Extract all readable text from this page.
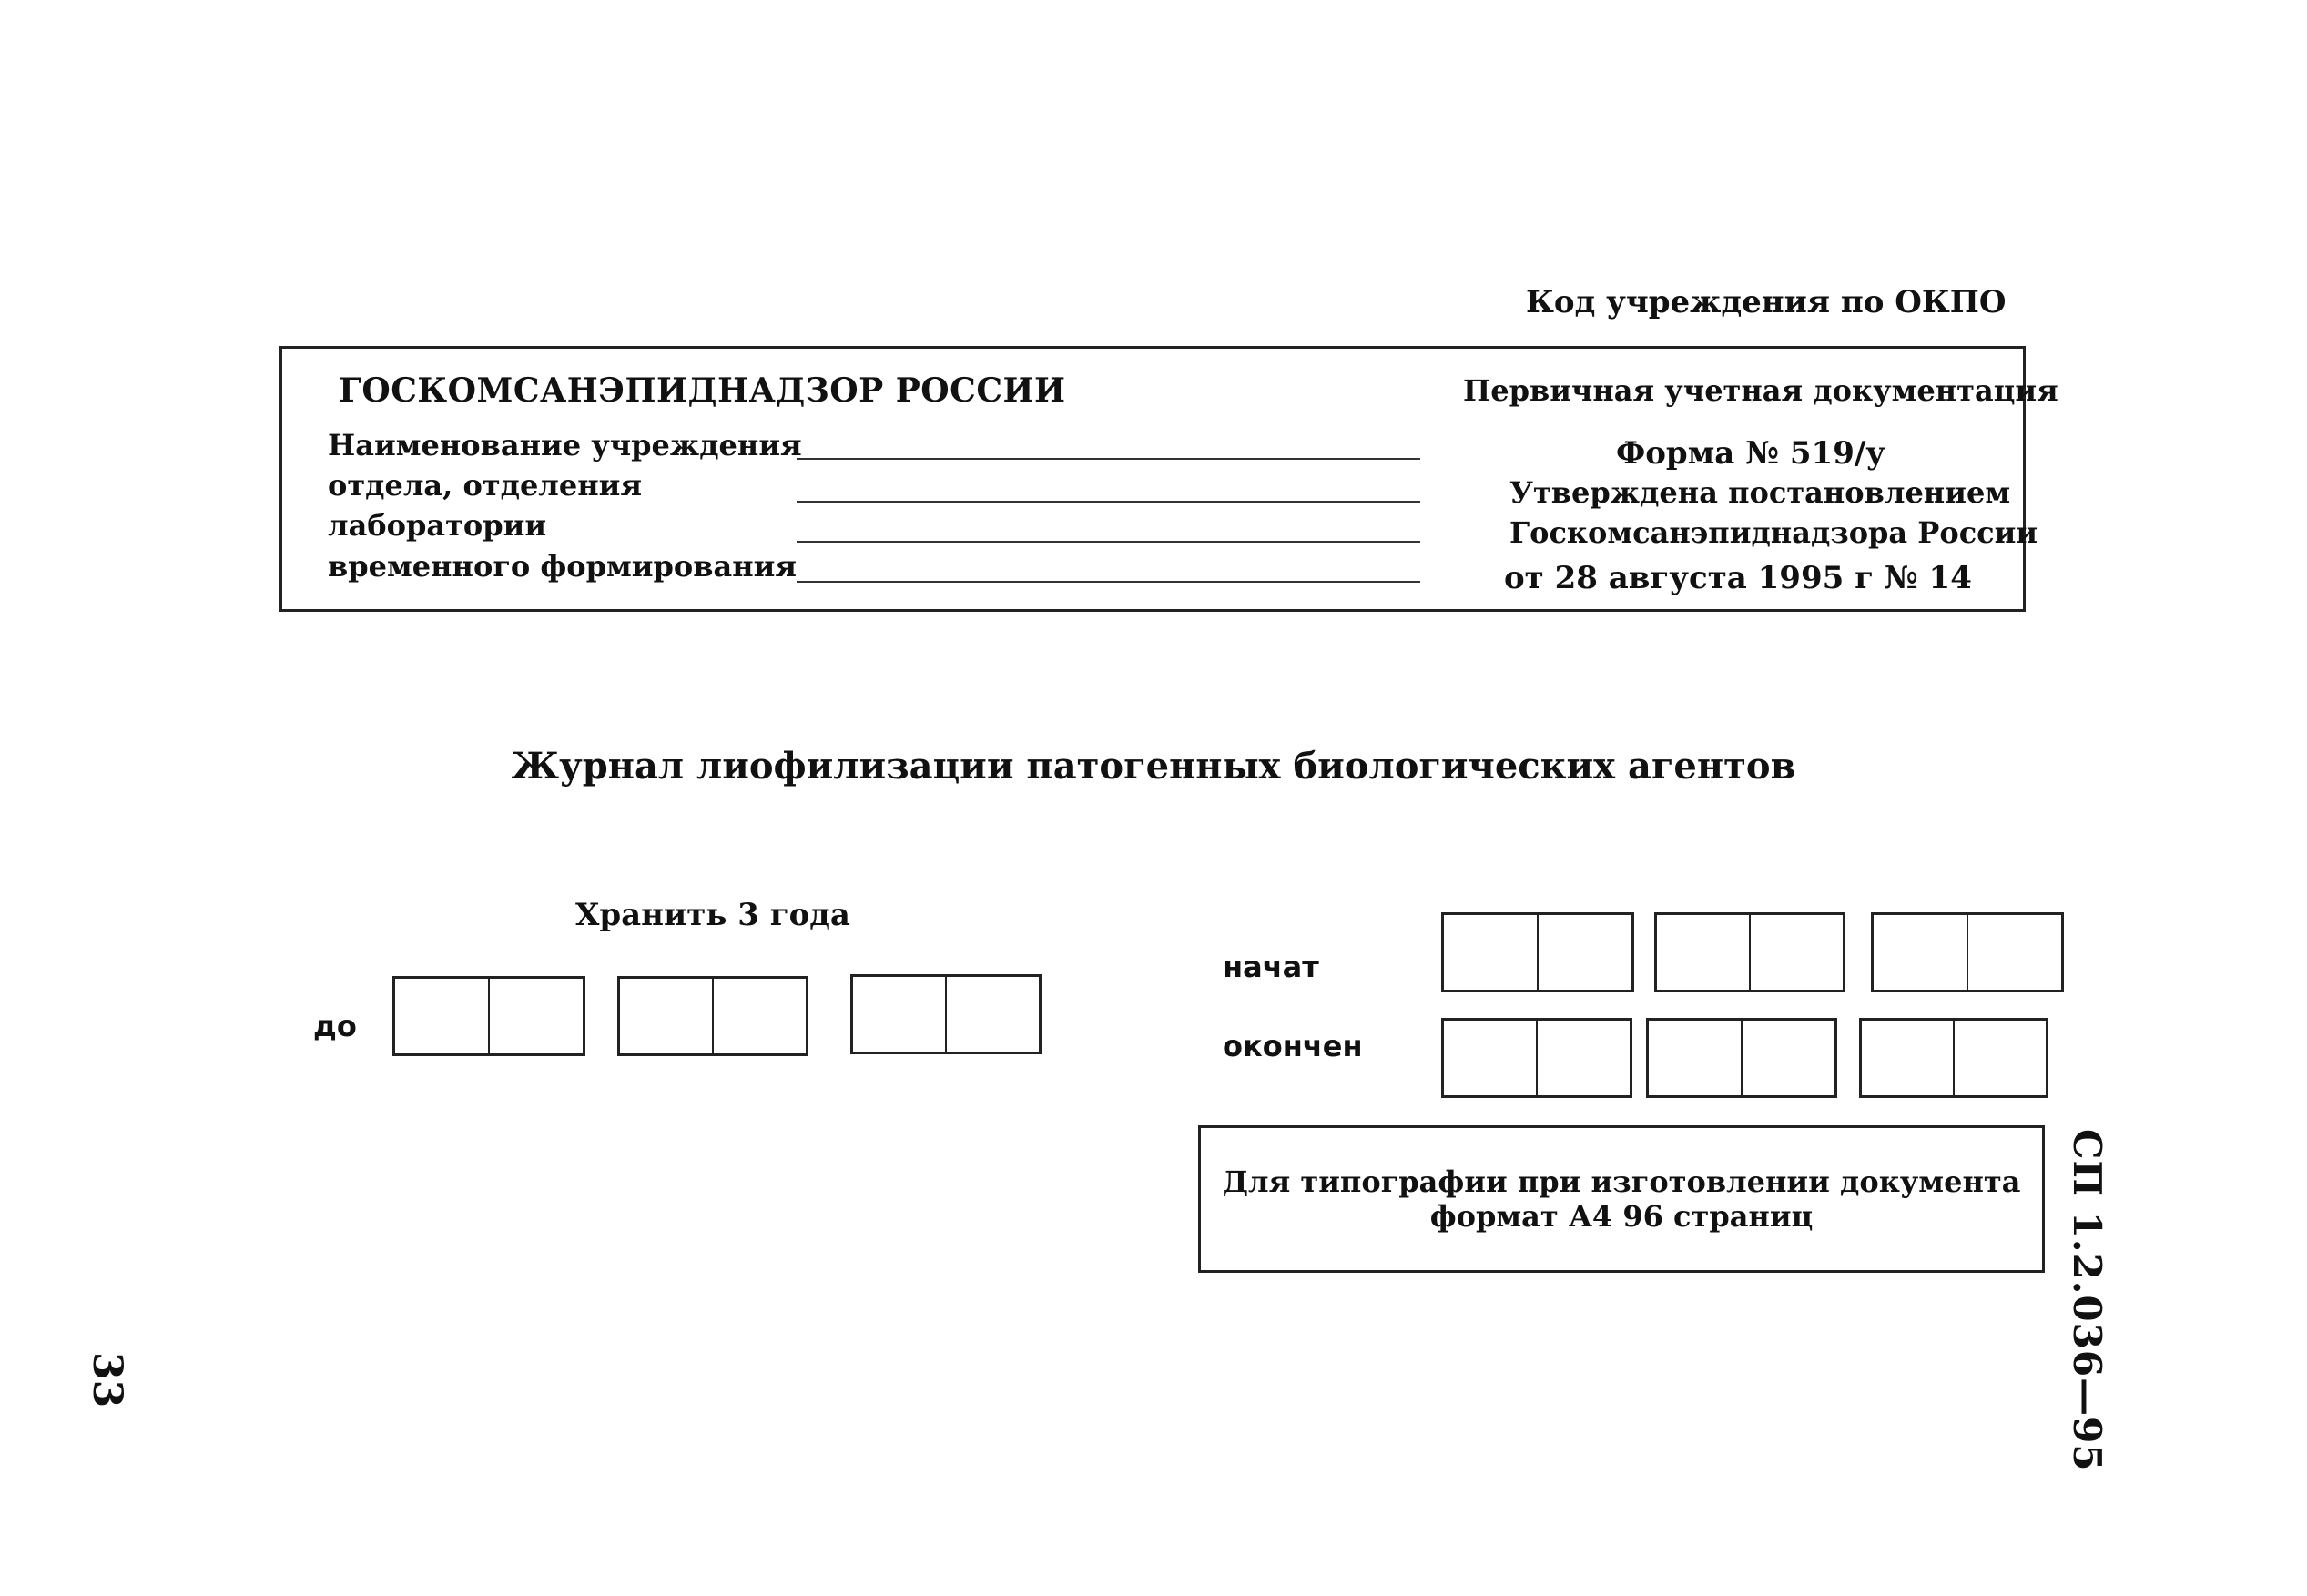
Код учреждения по ОКПО
ГОСКОМСАНЭПИДНАДЗОР РОССИИ
Наименование учреждения
отдела, отделения
лаборатории
временного формирования
Первичная учетная документация
Форма № 519/у
Утверждена постановлением
Госкомсанэпиднадзора России
от 28 августа 1995 г № 14
Журнал лиофилизации патогенных биологических агентов
Хранить 3 года
до
начат
окончен
Для типографии при изготовлении документа
формат А4 96 страниц	СП 1.2.036—95
33
